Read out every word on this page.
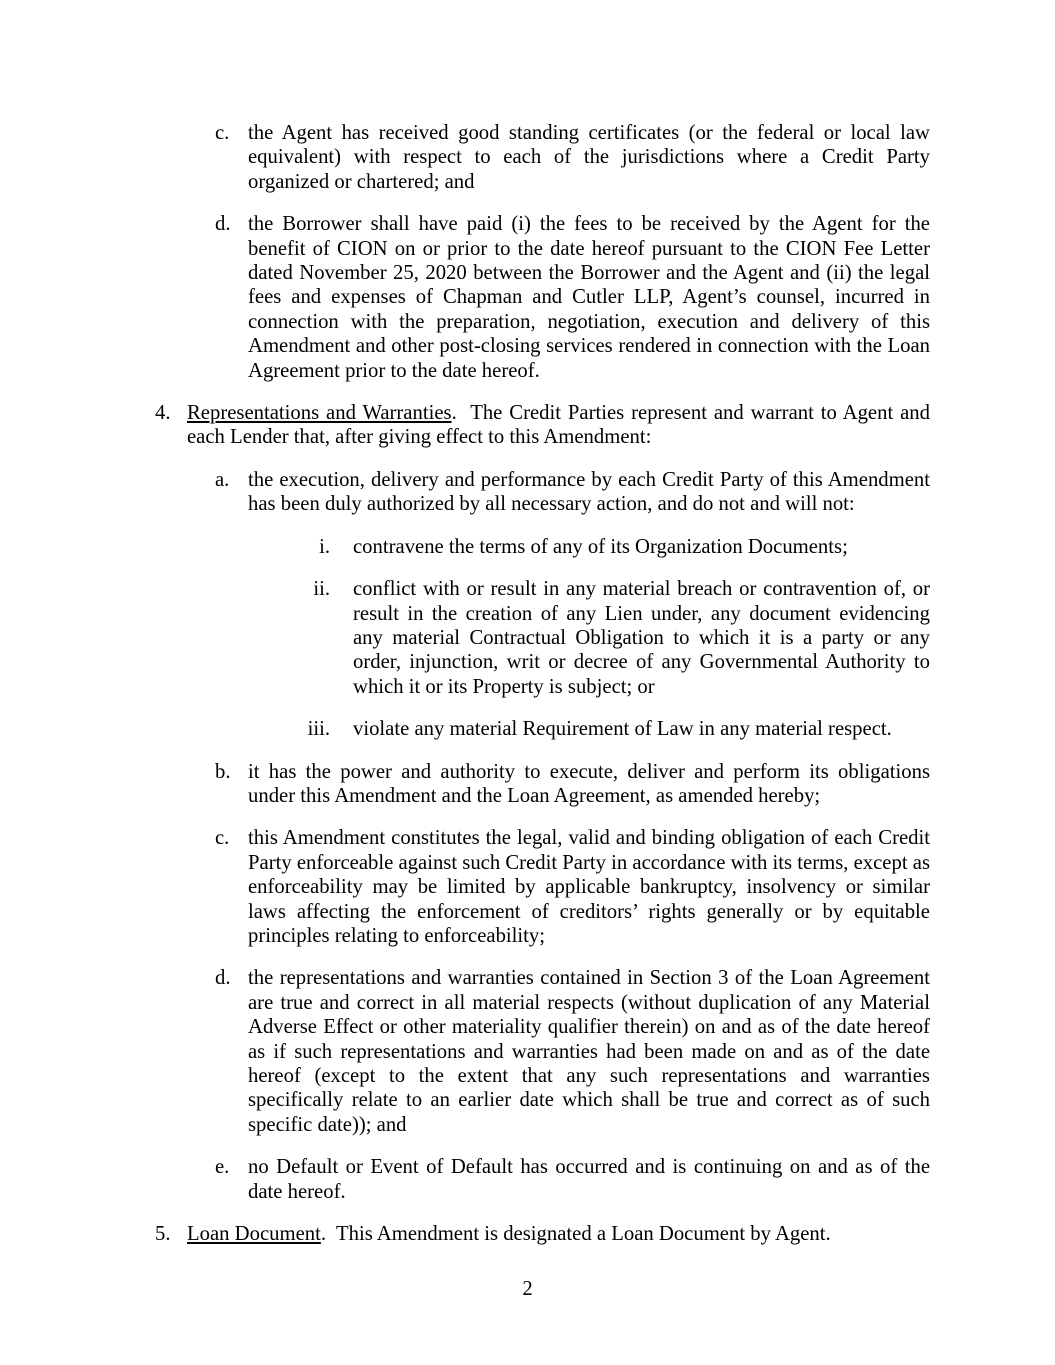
c. the Agent has received good standing certificates (or the federal or local law equivalent) with respect to each of the jurisdictions where a Credit Party organized or chartered; and
d. the Borrower shall have paid (i) the fees to be received by the Agent for the benefit of CION on or prior to the date hereof pursuant to the CION Fee Letter dated November 25, 2020 between the Borrower and the Agent and (ii) the legal fees and expenses of Chapman and Cutler LLP, Agent’s counsel, incurred in connection with the preparation, negotiation, execution and delivery of this Amendment and other post-closing services rendered in connection with the Loan Agreement prior to the date hereof.
4. Representations and Warranties.  The Credit Parties represent and warrant to Agent and each Lender that, after giving effect to this Amendment:
a. the execution, delivery and performance by each Credit Party of this Amendment has been duly authorized by all necessary action, and do not and will not:
i. contravene the terms of any of its Organization Documents;
ii. conflict with or result in any material breach or contravention of, or result in the creation of any Lien under, any document evidencing any material Contractual Obligation to which it is a party or any order, injunction, writ or decree of any Governmental Authority to which it or its Property is subject; or
iii. violate any material Requirement of Law in any material respect.
b. it has the power and authority to execute, deliver and perform its obligations under this Amendment and the Loan Agreement, as amended hereby;
c. this Amendment constitutes the legal, valid and binding obligation of each Credit Party enforceable against such Credit Party in accordance with its terms, except as enforceability may be limited by applicable bankruptcy, insolvency or similar laws affecting the enforcement of creditors’ rights generally or by equitable principles relating to enforceability;
d. the representations and warranties contained in Section 3 of the Loan Agreement are true and correct in all material respects (without duplication of any Material Adverse Effect or other materiality qualifier therein) on and as of the date hereof as if such representations and warranties had been made on and as of the date hereof (except to the extent that any such representations and warranties specifically relate to an earlier date which shall be true and correct as of such specific date)); and
e. no Default or Event of Default has occurred and is continuing on and as of the date hereof.
5. Loan Document.  This Amendment is designated a Loan Document by Agent.
2
